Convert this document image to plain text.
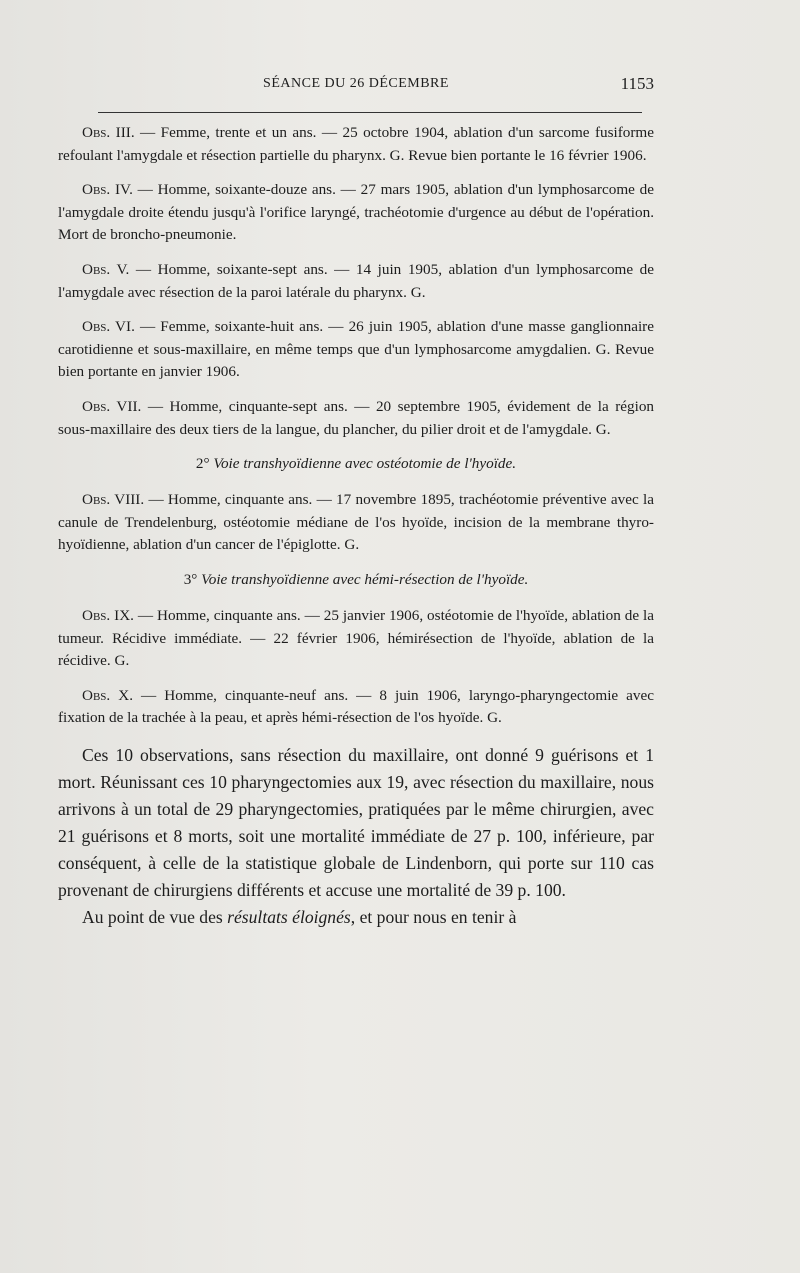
SÉANCE DU 26 DÉCEMBRE	1153

Obs. III. — Femme, trente et un ans. — 25 octobre 1904, ablation d'un sarcome fusiforme refoulant l'amygdale et résection partielle du pharynx. G. Revue bien portante le 16 février 1906.

Obs. IV. — Homme, soixante-douze ans. — 27 mars 1905, ablation d'un lymphosarcome de l'amygdale droite étendu jusqu'à l'orifice laryngé, trachéotomie d'urgence au début de l'opération. Mort de broncho-pneumonie.

Obs. V. — Homme, soixante-sept ans. — 14 juin 1905, ablation d'un lymphosarcome de l'amygdale avec résection de la paroi latérale du pharynx. G.

Obs. VI. — Femme, soixante-huit ans. — 26 juin 1905, ablation d'une masse ganglionnaire carotidienne et sous-maxillaire, en même temps que d'un lymphosarcome amygdalien. G. Revue bien portante en janvier 1906.

Obs. VII. — Homme, cinquante-sept ans. — 20 septembre 1905, évidement de la région sous-maxillaire des deux tiers de la langue, du plancher, du pilier droit et de l'amygdale. G.

2° Voie transhyoïdienne avec ostéotomie de l'hyoïde.

Obs. VIII. — Homme, cinquante ans. — 17 novembre 1895, trachéotomie préventive avec la canule de Trendelenburg, ostéotomie médiane de l'os hyoïde, incision de la membrane thyro-hyoïdienne, ablation d'un cancer de l'épiglotte. G.

3° Voie transhyoïdienne avec hémi-résection de l'hyoïde.

Obs. IX. — Homme, cinquante ans. — 25 janvier 1906, ostéotomie de l'hyoïde, ablation de la tumeur. Récidive immédiate. — 22 février 1906, hémirésection de l'hyoïde, ablation de la récidive. G.

Obs. X. — Homme, cinquante-neuf ans. — 8 juin 1906, laryngo-pharyngectomie avec fixation de la trachée à la peau, et après hémi-résection de l'os hyoïde. G.

Ces 10 observations, sans résection du maxillaire, ont donné 9 guérisons et 1 mort. Réunissant ces 10 pharyngectomies aux 19, avec résection du maxillaire, nous arrivons à un total de 29 pharyngectomies, pratiquées par le même chirurgien, avec 21 guérisons et 8 morts, soit une mortalité immédiate de 27 p. 100, inférieure, par conséquent, à celle de la statistique globale de Lindenborn, qui porte sur 110 cas provenant de chirurgiens différents et accuse une mortalité de 39 p. 100.

Au point de vue des résultats éloignés, et pour nous en tenir à
